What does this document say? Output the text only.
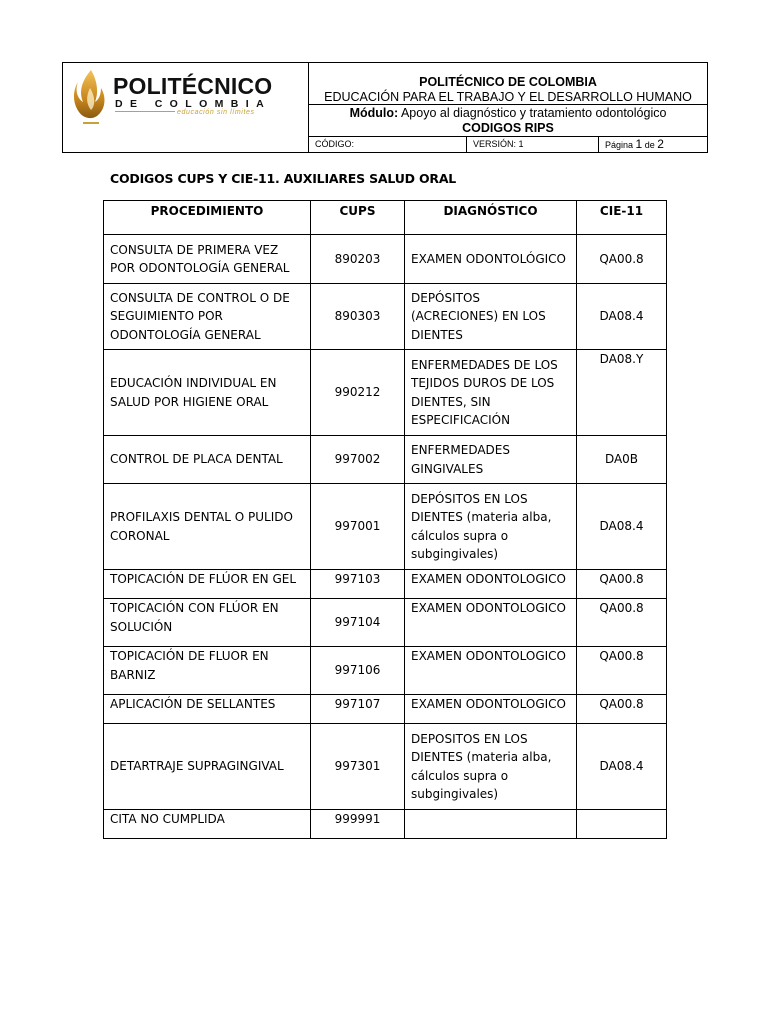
POLITÉCNICO
DE COLOMBIA
educación sin límites
POLITÉCNICO DE COLOMBIA
EDUCACIÓN PARA EL TRABAJO Y EL DESARROLLO HUMANO
Módulo: Apoyo al diagnóstico y tratamiento odontológico
CODIGOS RIPS
CÓDIGO:	VERSIÓN: 1	Página 1 de 2
CODIGOS CUPS Y CIE-11. AUXILIARES SALUD ORAL
PROCEDIMIENTO	CUPS	DIAGNÓSTICO	CIE-11
CONSULTA DE PRIMERA VEZ POR ODONTOLOGÍA GENERAL	890203	EXAMEN ODONTOLÓGICO	QA00.8
CONSULTA DE CONTROL O DE SEGUIMIENTO POR ODONTOLOGÍA GENERAL	890303	DEPÓSITOS (ACRECIONES) EN LOS DIENTES	DA08.4
EDUCACIÓN INDIVIDUAL EN SALUD POR HIGIENE ORAL	990212	ENFERMEDADES DE LOS TEJIDOS DUROS DE LOS DIENTES, SIN ESPECIFICACIÓN	DA08.Y
CONTROL DE PLACA DENTAL	997002	ENFERMEDADES GINGIVALES	DA0B
PROFILAXIS DENTAL O PULIDO CORONAL	997001	DEPÓSITOS EN LOS DIENTES (materia alba, cálculos supra o subgingivales)	DA08.4
TOPICACIÓN DE FLÚOR EN GEL	997103	EXAMEN ODONTOLOGICO	QA00.8
TOPICACIÓN CON FLÚOR EN SOLUCIÓN	997104	EXAMEN ODONTOLOGICO	QA00.8
TOPICACIÓN DE FLUOR EN BARNIZ	997106	EXAMEN ODONTOLOGICO	QA00.8
APLICACIÓN DE SELLANTES	997107	EXAMEN ODONTOLOGICO	QA00.8
DETARTRAJE SUPRAGINGIVAL	997301	DEPOSITOS EN LOS DIENTES (materia alba, cálculos supra o subgingivales)	DA08.4
CITA NO CUMPLIDA	999991		
